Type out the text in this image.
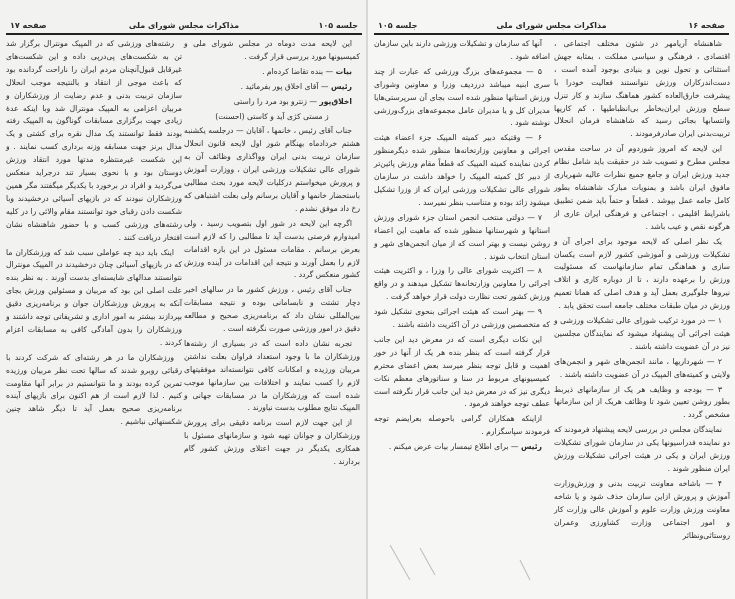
صفحه ۱۷	مذاکرات مجلس شورای ملی	جلسه ۱۰۵

این لایحه مدت دوماه در مجلس شورای ملی و کمیسیونها مورد بررسی قرار گرفت .

بیات — بنده تقاضا کرده‌ام .

رئیس — آقای اخلاق پور بفرمائید .

اخلاق‌پور — زنترو بود مرد را راستی

ز مستی کژی آید و کاستی (احسنت)

جناب آقای رئیس ، خانمها ، آقایان — درجلسه یکشنبه هشتم خردادماه بهنگام شور اول لایحه قانون انحلال سازمان تربیت بدنی ایران وواگذاری وظائف آن به شورای عالی تشکیلات ورزشی ایران ، ووزارت آموزش و پرورش میخواستم درکلیات لایحه مورد بحث مطالبی باستحضار خانمها و آقایان برسانم ولی بعلت اشتباهی که رخ داد موفق نشدم .

اگرچه این لایحه در شور اول بتصویب رسید ، ولی امیدوارم فرصتی بدست آید تا مطالبی را که لازم است بعرض برسانم . مقامات مسئول در این باره اقدامات لازم را بعمل آورند و نتیجه این اقدامات در آینده ورزش کشور منعکس گردد .

جناب آقای رئیس ، ورزش کشور ما در سالهای اخیر دچار تشتت و نابسامانی بوده و نتیجه مسابقات بین‌المللی نشان داد که برنامه‌ریزی صحیح و مطالعه دقیق در امور ورزشی صورت نگرفته است .

تجربه نشان داده است که در بسیاری از رشته‌ها ورزشکاران ما با وجود استعداد فراوان بعلت نداشتن مربیان ورزیده و امکانات کافی نتوانسته‌اند موفقیتهای لازم را کسب نمایند و اختلافات بین سازمانها موجب شده است که ورزشکاران ما در مسابقات جهانی و المپیک نتایج مطلوب بدست نیاورند .

از این جهت لازم است برنامه دقیقی برای پرورش ورزشکاران و جوانان تهیه شود و سازمانهای مسئول با همکاری یکدیگر در جهت اعتلای ورزش کشور گام بردارند .

رشته‌های ورزشی که در المپیک مونترال برگزار شد تن به شکست‌های پی‌درپی داده و این شکست‌های غیرقابل قبول‌آنچنان مردم ایران را ناراحت گردانده بود که باعث موجی از انتقاد و بالنتیجه موجب انحلال سازمان تربیت بدنی و عدم رضایت از ورزشکاران و مربیان اعزامی به المپیک مونترال شد وبا اینکه عدهٔ زیادی جهت برگزاری مسابقات گوناگون به المپیک رفته بودند فقط توانستند یک مدال نقره برای کشتی و یک مدال برنز جهت مسابقه وزنه برداری کسب نمایند . و این شکست غیرمنتظره مدتها مورد انتقاد ورزش دوستان بود و با نحوی بسیار تند درجراید منعکس می‌گردید و افراد در برخورد با یکدیگر میگفتند مگر همین ورزشکاران نبودند که در بازیهای آسیائی درخشیدند وبا شکست دادن رقبای خود توانستند مقام والائی را در کلیه رشته‌های ورزشی کسب و با حضور شاهنشاه نشان افتخار دریافت کنند .

اینک باید دید چه عواملی سبب شد که ورزشکاران ما که در بازیهای آسیائی چنان درخشیدند در المپیک مونترال نتوانستند مدالهای شایسته‌ای بدست آورند . به نظر بنده علت اصلی این بود که مربیان و مسئولین ورزش بجای آنکه به پرورش ورزشکاران جوان و برنامه‌ریزی دقیق بپردازند بیشتر به امور اداری و تشریفاتی توجه داشتند و ورزشکاران را بدون آمادگی کافی به مسابقات اعزام کردند .

ورزشکاران ما در هر رشته‌ای که شرکت کردند با رقبائی روبرو شدند که سالها تحت نظر مربیان ورزیده تمرین کرده بودند و ما نتوانستیم در برابر آنها مقاومت کنیم . لذا لازم است از هم اکنون برای بازیهای آینده برنامه‌ریزی صحیح بعمل آید تا دیگر شاهد چنین شکستهائی نباشیم .

صفحه ۱۶
مذاکرات مجلس شورای ملی
جلسه ۱۰۵

شاهنشاه آریامهر در شئون مختلف اجتماعی ، اقتصادی ، فرهنگی و سیاسی مملکت ، بمثابه جهش استثنائی و تحول نوین و بنیادی بوجود آمده است ، دست‌اندرکاران ورزش نتوانستند فعالیت خودرا با پیشرفت خارق‌العاده کشور هماهنگ سازند و کار تنزل سطح ورزش ایران‌بخاطر بی‌انظباطیها ، کم کاریها وانتسابها بجائی رسید که شاهنشاه فرمان انحلال تربیت‌بدنی ایران صادرفرمودند .

این لایحه که امروز شوردوم آن در ساحت مقدس مجلس مطرح و تصویب شد در حقیقت باید شامل نظام جدید ورزش ایران و جامع جمیع نظرات عالیه شهریاری مافوق ایران باشد و بمنویات مبارک شاهنشاه بطور کامل جامه عمل بپوشد . قطعاً و حتماً باید ضمن تطبیق باشرایط اقلیمی ، اجتماعی و فرهنگی ایران عاری از هرگونه نقص و عیب باشد .

یک نظر اصلی که لایحه موجود برای اجرای آن و تشکیلات ورزشی و آموزشی کشور لازم است یکسان سازی و هماهنگی تمام سازمانهاست که مسئولیت ورزش را برعهده دارند ، تا از دوباره کاری و اتلاف نیروها جلوگیری بعمل آید و هدف اصلی که همانا تعمیم ورزش در میان طبقات مختلف جامعه است تحقق یابد .

۱ — در مورد ترکیب شورای عالی تشکیلات ورزشی و هیئت اجرائی آن پیشنهاد میشود که نمایندگان مجلسین نیز در آن عضویت داشته باشند .

۲ — شهرداریها ، مانند انجمن‌های شهر و انجمن‌های ولایتی و کمیته‌های المپیک در آن عضویت داشته باشند .

۳ — بودجه و وظایف هر یک از سازمانهای ذیربط بطور روشن تعیین شود تا وظائف هریک از این سازمانها مشخص گردد .

نمایندگان مجلس در بررسی لایحه پیشنهاد فرمودند که دو نماینده فدراسیونها یکی در سازمان شورای تشکیلات ورزش ایران و یکی در هیئت اجرائی تشکیلات ورزش ایران منظور شوند .

۴ — باشاخه معاونت تربیت بدنی و ورزش‌وزارت آموزش و پرورش ازاین سازمان حذف شود و یا شاخه معاونت ورزش وزارت علوم و آموزش عالی وزارت کار و امور اجتماعی وزارت کشاورزی وعمران روستائی‌ونظائر

آنها که سازمان و تشکیلات ورزشی دارند باین سازمان اضافه شود .

۵ — مجموعه‌های بزرگ ورزشی که عبارت از چند سری ابنیه میباشد درردیف وزرا و معاونین وشورای ورزش استانها منظور شده است بجای آن سرپرستی‌هایا مدیران کل و یا مدیران عامل مجموعه‌های بزرگ‌ورزشی نوشته شود .

۶ — وقتیکه دبیر کمیته المپیک جزء اعضاء هیئت اجرائی و معاونین وزارتخانه‌ها منظور شده دیگرمنظور کردن نماینده کمیته المپیک که قطعاً مقام ورزش پائین‌تر از دبیر کل کمیته المپیک را خواهد داشت در سازمان شورای عالی تشکیلات ورزشی ایران که از وزرا تشکیل میشود زائد بوده و متناسب بنظر نمیرسد .

۷ — دولتی منتخب انجمن استان جزء شورای ورزش استانها و شهرستانها منظور شده که ماهیت این اعضاء روشن نیست و بهتر است که از میان انجمن‌های شهر و استان انتخاب شوند .

۸ — اکثریت شورای عالی را وزرا ، و اکثریت هیئت اجرائی را معاونین وزارتخانه‌ها تشکیل میدهند و در واقع ورزش کشور تحت نظارت دولت قرار خواهد گرفت .

۹ — بهتر است که هیئت اجرائی بنحوی تشکیل شود که متخصصین ورزشی در آن اکثریت داشته باشند .

این نکات دیگری است که در معرض دید این جانب قرار گرفته است که بنظر بنده هر یک از آنها در خور اهمیت و قابل توجه بنظر میرسد بعض اعضای محترم کمیسیونهای مربوط در سنا و سناتورهای معظم نکات دیگری نیز که در معرض دید این جانب قرار نگرفته است عطف توجه خواهند فرمود .

ازاینکه همکاران گرامی باحوصله بعرایضم توجه فرمودند سپاسگزارم .

رئیس — برای اطلاع تیمسار بیات عرض میکنم .
